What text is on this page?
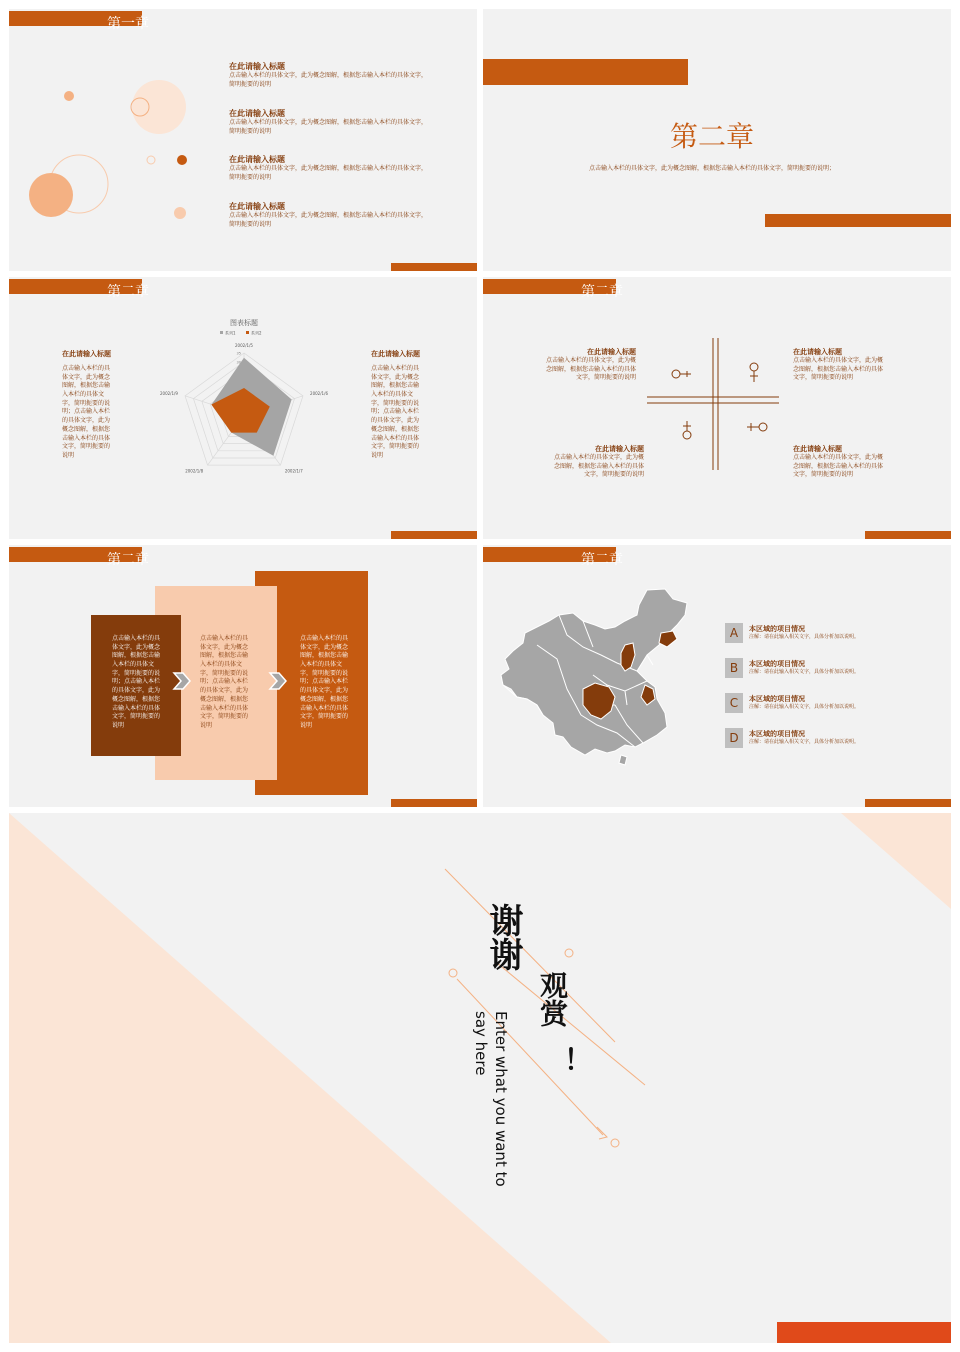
第一章
在此请输入标题
点击输入本栏的具体文字，此为概念图解，根据您击输入本栏的具体文字，简明扼要的说明
在此请输入标题
点击输入本栏的具体文字，此为概念图解，根据您击输入本栏的具体文字，简明扼要的说明
在此请输入标题
点击输入本栏的具体文字，此为概念图解，根据您击输入本栏的具体文字，简明扼要的说明
在此请输入标题
点击输入本栏的具体文字，此为概念图解，根据您击输入本栏的具体文字，简明扼要的说明
第二章
点击输入本栏的具体文字，此为概念图解，根据您击输入本栏的具体文字，简明扼要的说明；
第二章
在此请输入标题
点击输入本栏的具体文字，此为概念图解，根据您击输入本栏的具体文字，简明扼要的说明；点击输入本栏的具体文字，此为概念图解，根据您击输入本栏的具体文字，简明扼要的说明
在此请输入标题
点击输入本栏的具体文字，此为概念图解，根据您击输入本栏的具体文字，简明扼要的说明；点击输入本栏的具体文字，此为概念图解，根据您击输入本栏的具体文字，简明扼要的说明
图表标题
系列1	系列2
30
35
2002/1/5
2002/1/6
2002/1/7
2002/1/8
2002/1/9
第二章
在此请输入标题
点击输入本栏的具体文字，此为概念图解，根据您击输入本栏的具体文字，简明扼要的说明
在此请输入标题
点击输入本栏的具体文字，此为概念图解，根据您击输入本栏的具体文字，简明扼要的说明
在此请输入标题
点击输入本栏的具体文字，此为概念图解，根据您击输入本栏的具体文字，简明扼要的说明
在此请输入标题
点击输入本栏的具体文字，此为概念图解，根据您击输入本栏的具体文字，简明扼要的说明
第二章
点击输入本栏的具体文字，此为概念图解，根据您击输入本栏的具体文字，简明扼要的说明；点击输入本栏的具体文字，此为概念图解，根据您击输入本栏的具体文字，简明扼要的说明
点击输入本栏的具体文字，此为概念图解，根据您击输入本栏的具体文字，简明扼要的说明；点击输入本栏的具体文字，此为概念图解，根据您击输入本栏的具体文字，简明扼要的说明
点击输入本栏的具体文字，此为概念图解，根据您击输入本栏的具体文字，简明扼要的说明；点击输入本栏的具体文字，此为概念图解，根据您击输入本栏的具体文字，简明扼要的说明
第二章
A	本区域的项目情况
注解：请在此输入相关文字，具体分析加以说明。
B	本区域的项目情况
注解：请在此输入相关文字，具体分析加以说明。
C	本区域的项目情况
注解：请在此输入相关文字，具体分析加以说明。
D	本区域的项目情况
注解：请在此输入相关文字，具体分析加以说明。
谢谢
观赏
！
Enter what you want to say here
